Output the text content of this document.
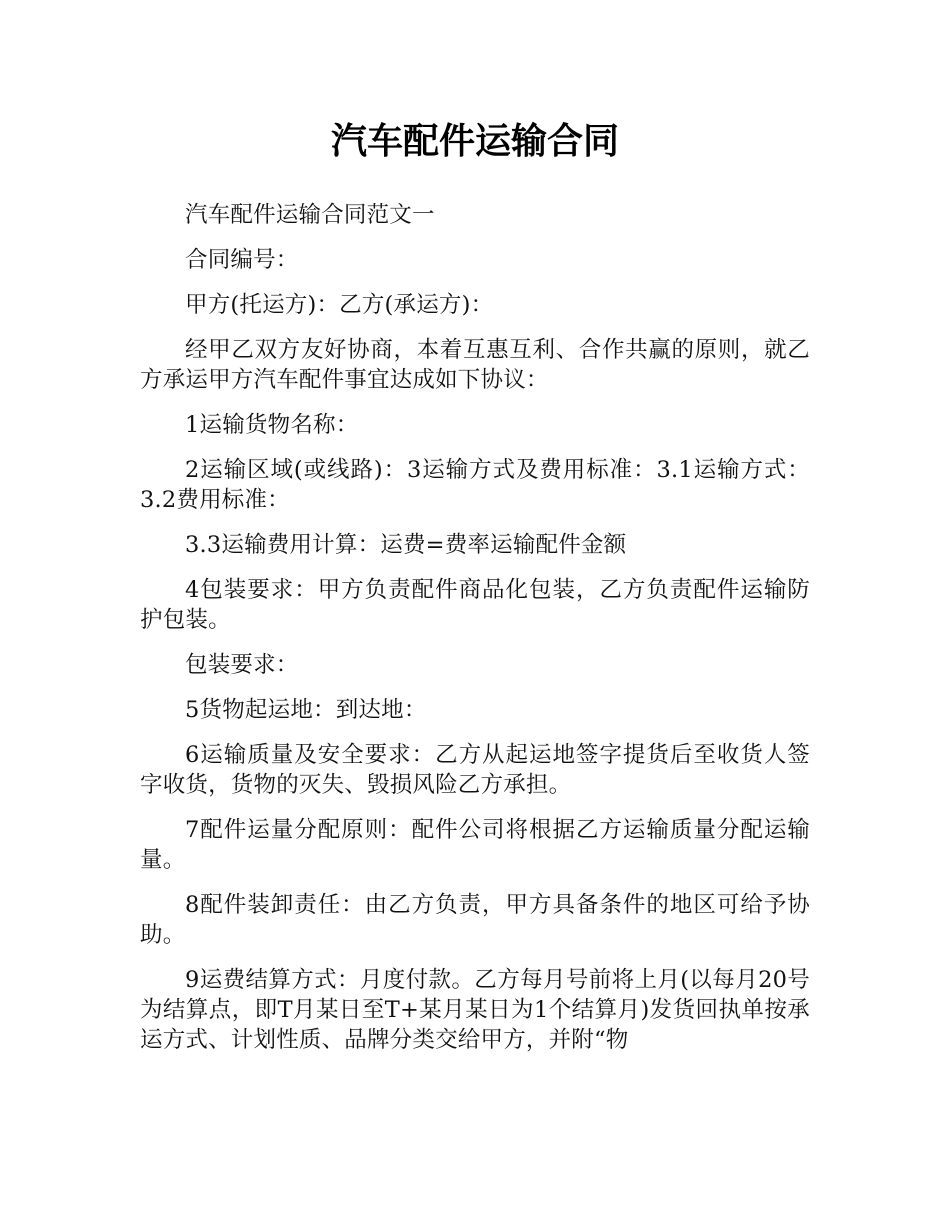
汽车配件运输合同

汽车配件运输合同范文一

合同编号：

甲方(托运方)：乙方(承运方)：

经甲乙双方友好协商，本着互惠互利、合作共赢的原则，就乙方承运甲方汽车配件事宜达成如下协议：

1运输货物名称：

2运输区域(或线路)：3运输方式及费用标准：3.1运输方式：3.2费用标准：

3.3运输费用计算：运费=费率运输配件金额

4包装要求：甲方负责配件商品化包装，乙方负责配件运输防护包装。

包装要求：

5货物起运地：到达地：

6运输质量及安全要求：乙方从起运地签字提货后至收货人签字收货，货物的灭失、毁损风险乙方承担。

7配件运量分配原则：配件公司将根据乙方运输质量分配运输量。

8配件装卸责任：由乙方负责，甲方具备条件的地区可给予协助。

9运费结算方式：月度付款。乙方每月号前将上月(以每月20号为结算点，即T月某日至T+某月某日为1个结算月)发货回执单按承运方式、计划性质、品牌分类交给甲方，并附“物
